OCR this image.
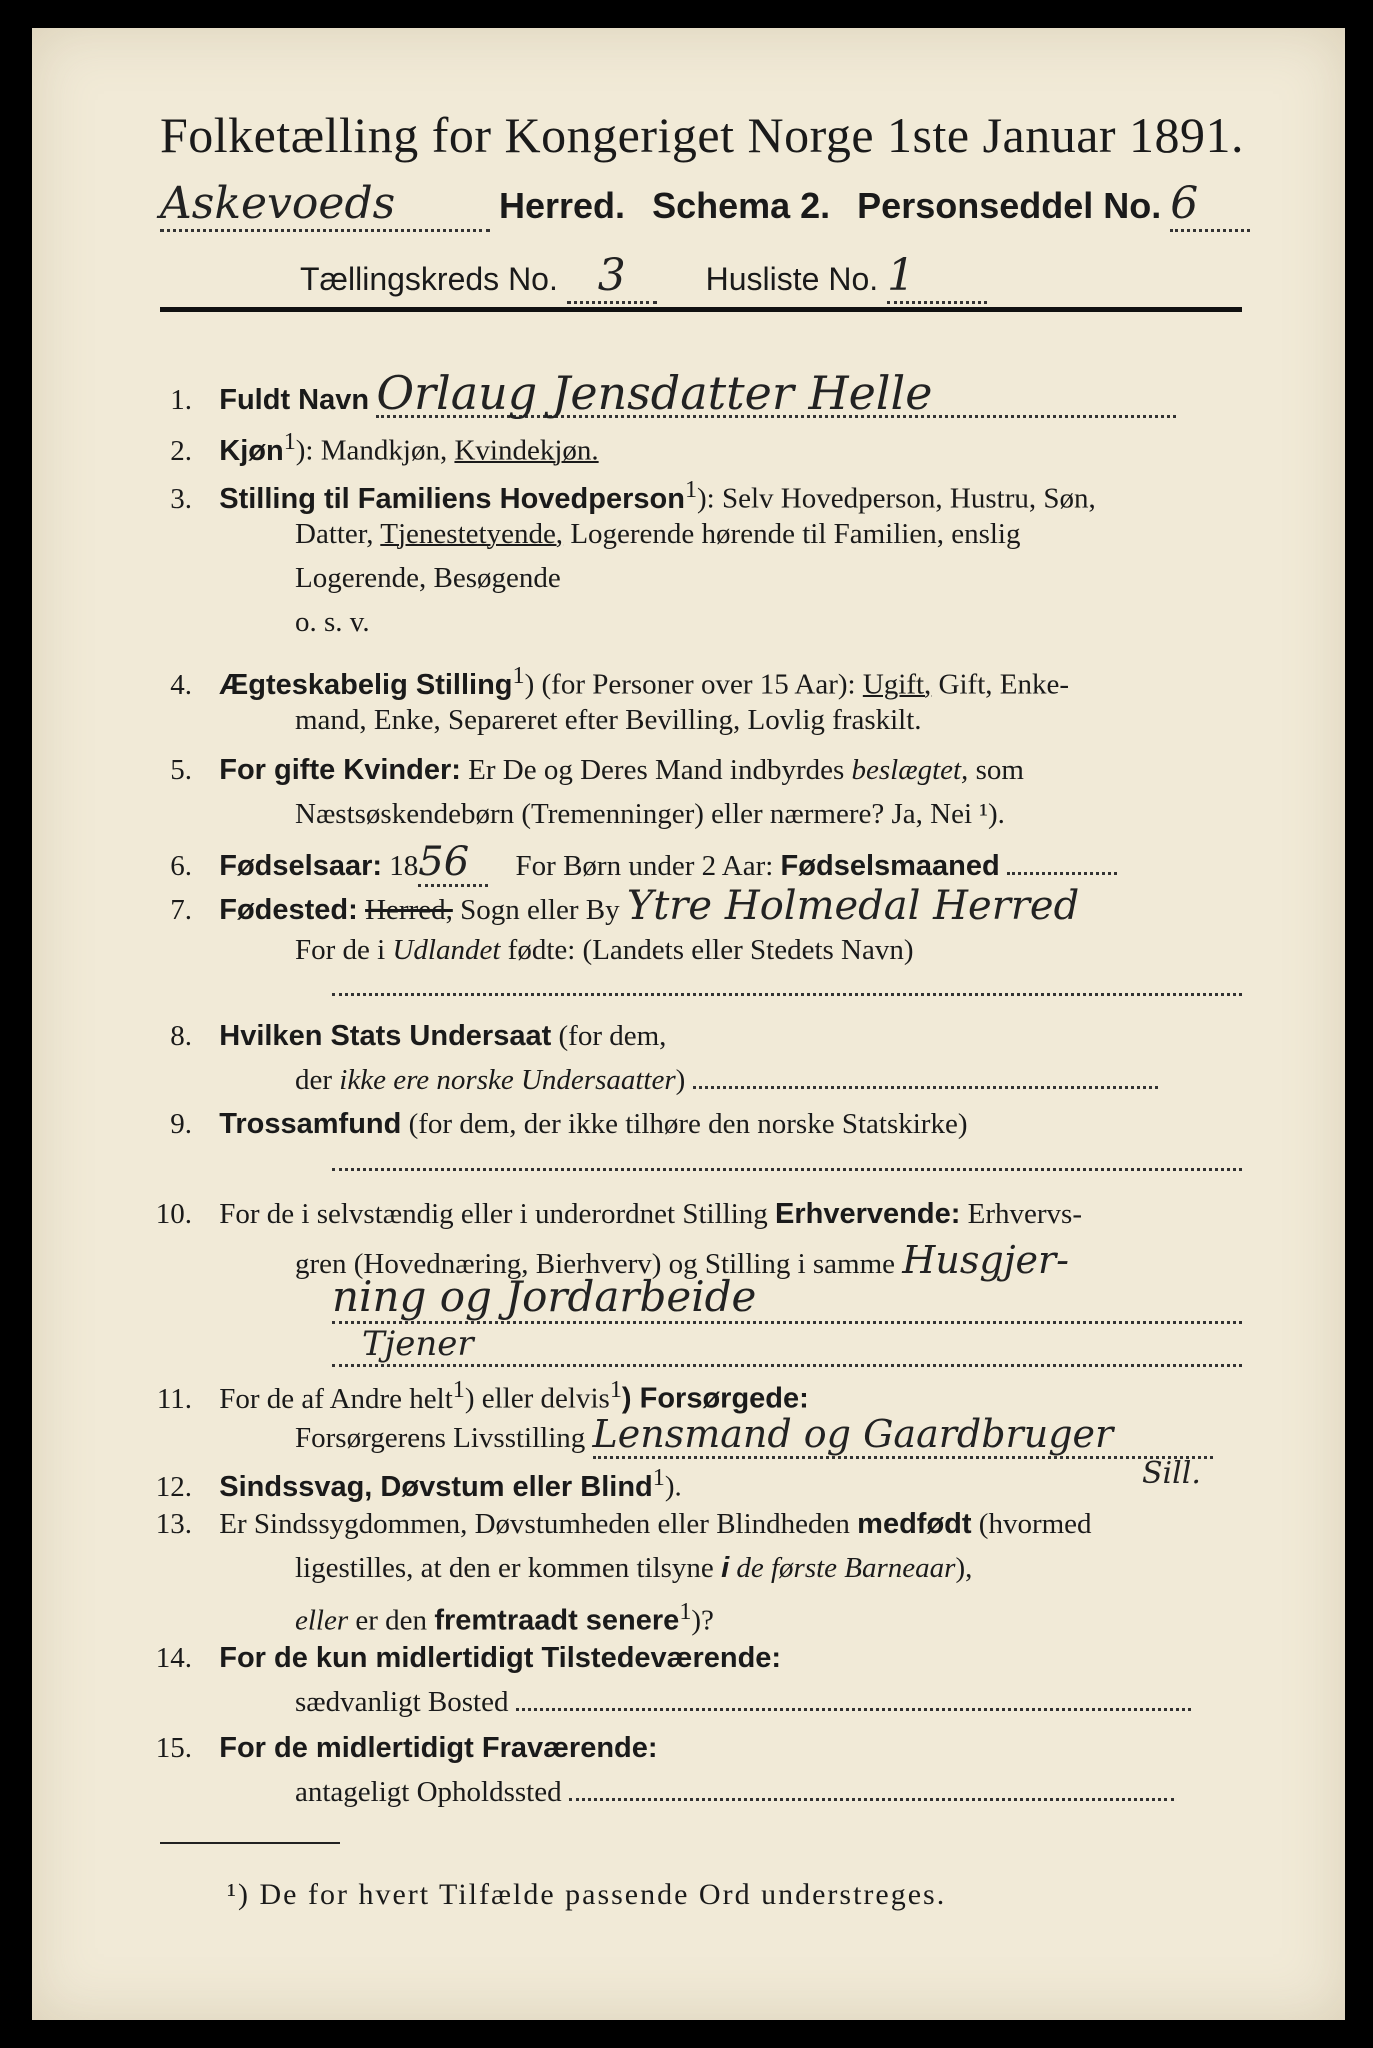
Folketælling for Kongeriget Norge 1ste Januar 1891.
Askevoeds	Herred. Schema 2. Personseddel No. 6
Tællingskreds No. 3 Husliste No. 1
1. Fuldt Navn Orlaug Jensdatter Helle
2. Kjøn$^1$): Mandkjøn, Kvindekjøn.
3. Stilling til Familiens Hovedperson$^1$): Selv Hovedperson, Hustru, Søn,
Datter, Tjenestetyende, Logerende hørende til Familien, enslig
Logerende, Besøgende
o. s. v.
4. Ægteskabelig Stilling$^1$) (for Personer over 15 Aar): Ugift, Gift, Enke-
mand, Enke, Separeret efter Bevilling, Lovlig fraskilt.
5. For gifte Kvinder: Er De og Deres Mand indbyrdes beslægtet, som
Næstsøskendebørn (Tremenninger) eller nærmere? Ja, Nei ¹).
6. Fødselsaar: 1856 For Børn under 2 Aar: Fødselsmaaned
7. Fødested: Herred, Sogn eller By Ytre Holmedal Herred
For de i Udlandet fødte: (Landets eller Stedets Navn)
8. Hvilken Stats Undersaat (for dem,
der ikke ere norske Undersaatter)
9. Trossamfund (for dem, der ikke tilhøre den norske Statskirke)
10. For de i selvstændig eller i underordnet Stilling Erhvervende: Erhvervs-
gren (Hovednæring, Bierhverv) og Stilling i samme Husgjer-
ning og Jordarbeide
Tjener
11. For de af Andre helt$^1$) eller delvis$^1$) Forsørgede:
Forsørgerens Livsstilling Lensmand og Gaardbruger
Sill.
12. Sindssvag, Døvstum eller Blind$^1$).
13. Er Sindssygdommen, Døvstumheden eller Blindheden medfødt (hvormed
ligestilles, at den er kommen tilsyne i de første Barneaar),
eller er den fremtraadt senere$^1$)?
14. For de kun midlertidigt Tilstedeværende:
sædvanligt Bosted
15. For de midlertidigt Fraværende:
antageligt Opholdssted
¹) De for hvert Tilfælde passende Ord understreges.
